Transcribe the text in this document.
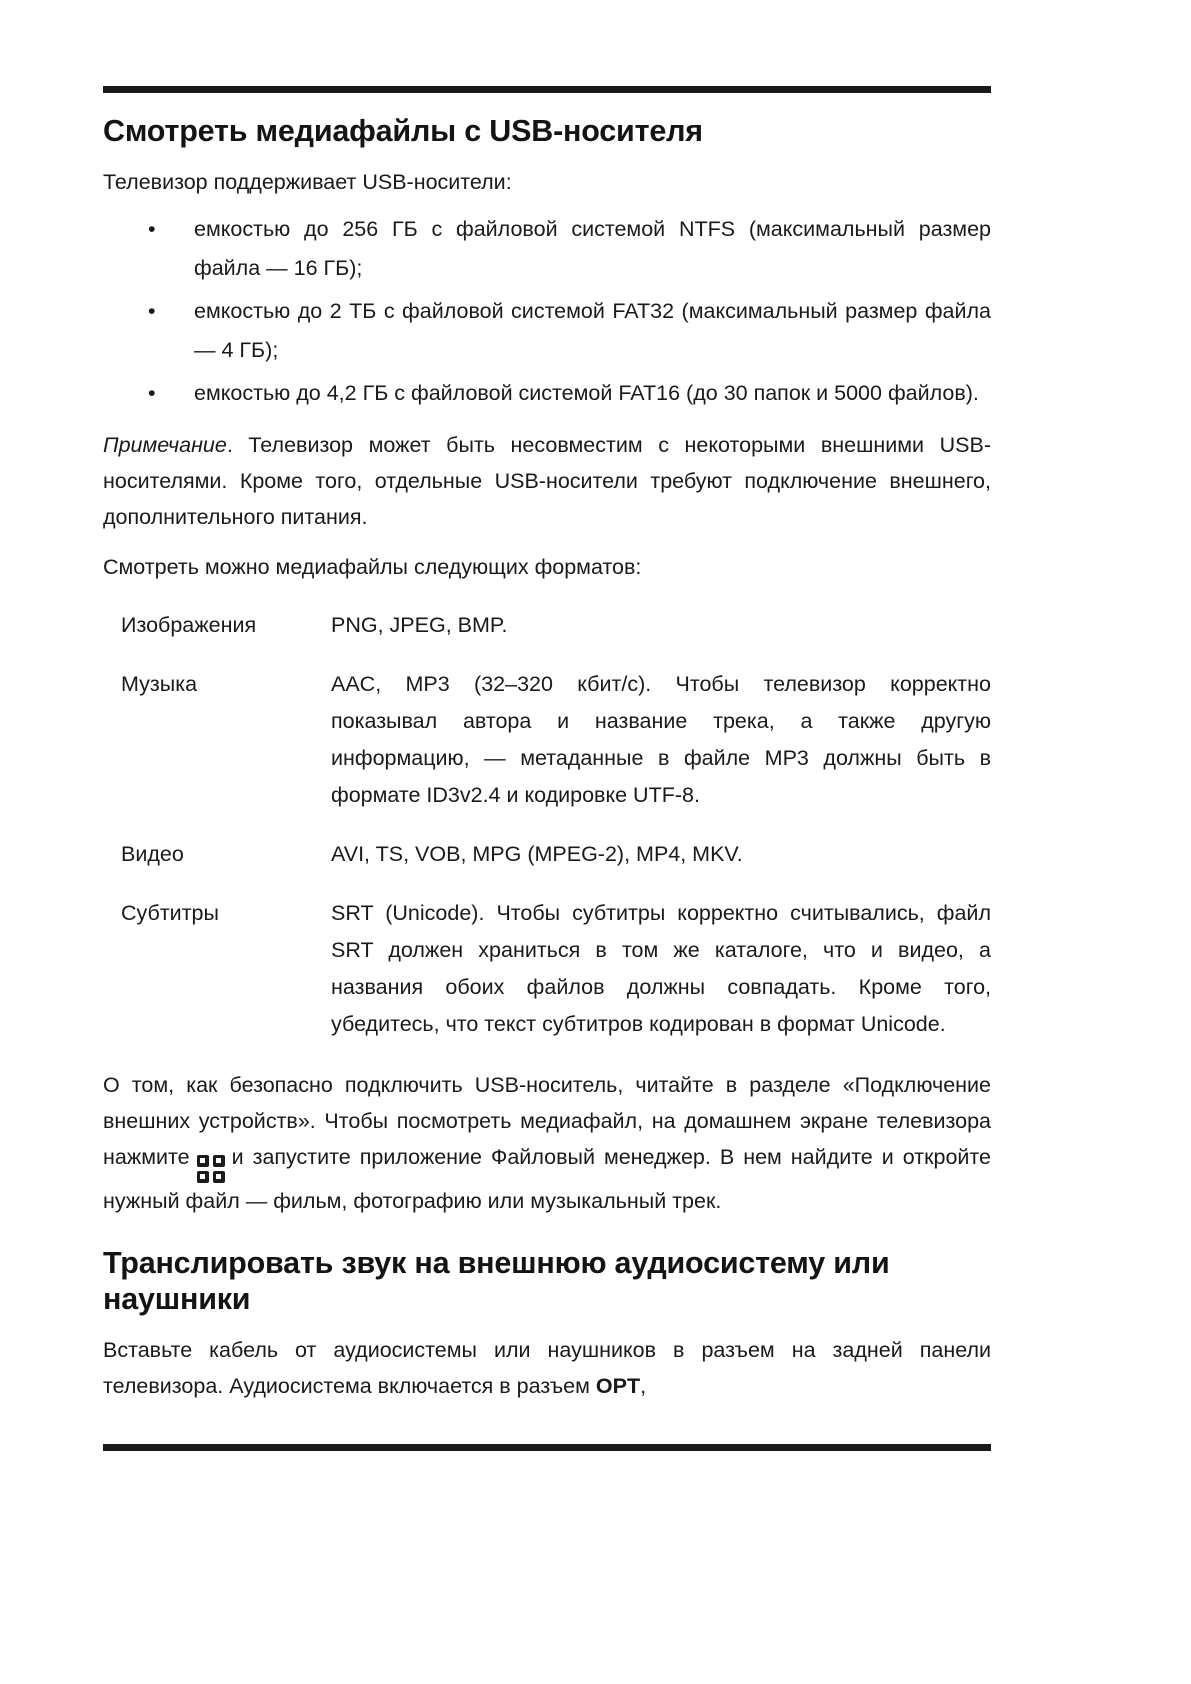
Смотреть медиафайлы с USB-носителя

Телевизор поддерживает USB-носители:

• емкостью до 256 ГБ с файловой системой NTFS (максимальный размер файла — 16 ГБ);
• емкостью до 2 ТБ с файловой системой FAT32 (максимальный размер файла — 4 ГБ);
• емкостью до 4,2 ГБ с файловой системой FAT16 (до 30 папок и 5000 файлов).

Примечание. Телевизор может быть несовместим с некоторыми внешними USB-носителями. Кроме того, отдельные USB-носители требуют подключение внешнего, дополнительного питания.

Смотреть можно медиафайлы следующих форматов:

Изображения	PNG, JPEG, BMP.
Музыка	AAC, MP3 (32–320 кбит/с). Чтобы телевизор корректно показывал автора и название трека, а также другую информацию, — метаданные в файле MP3 должны быть в формате ID3v2.4 и кодировке UTF-8.
Видео	AVI, TS, VOB, MPG (MPEG-2), MP4, MKV.
Субтитры	SRT (Unicode). Чтобы субтитры корректно считывались, файл SRT должен храниться в том же каталоге, что и видео, а названия обоих файлов должны совпадать. Кроме того, убедитесь, что текст субтитров кодирован в формат Unicode.

О том, как безопасно подключить USB-носитель, читайте в разделе «Подключение внешних устройств». Чтобы посмотреть медиафайл, на домашнем экране телевизора нажмите и запустите приложение Файловый менеджер. В нем найдите и откройте нужный файл — фильм, фотографию или музыкальный трек.

Транслировать звук на внешнюю аудиосистему или наушники

Вставьте кабель от аудиосистемы или наушников в разъем на задней панели телевизора. Аудиосистема включается в разъем OPT,
